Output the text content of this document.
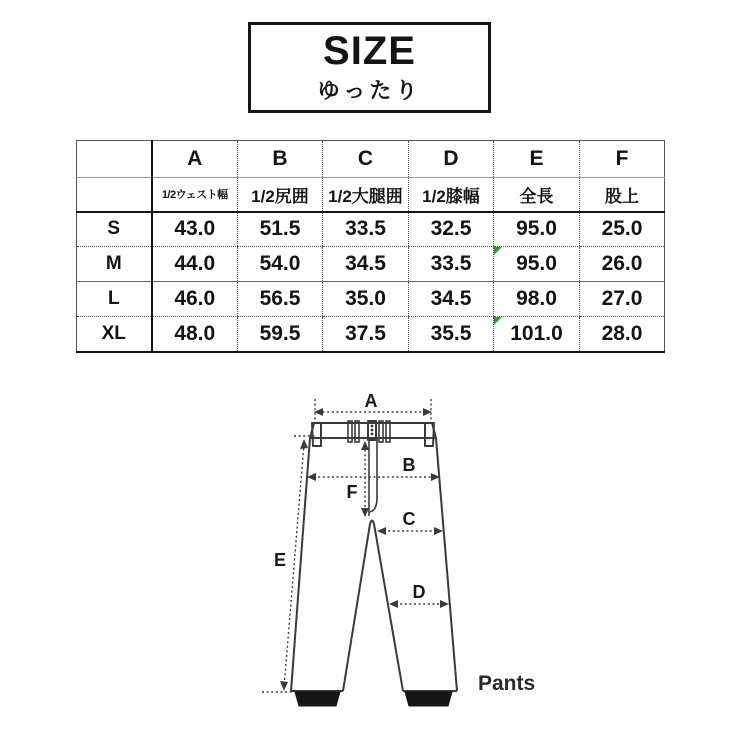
SIZE
ゆったり
	A	B	C	D	E	F
	1/2ウェスト幅	1/2尻囲	1/2大腿囲	1/2膝幅	全長	股上
S	43.0	51.5	33.5	32.5	95.0	25.0
M	44.0	54.0	34.5	33.5	95.0	26.0
L	46.0	56.5	35.0	34.5	98.0	27.0
XL	48.0	59.5	37.5	35.5	101.0	28.0
A
B
C
D
E
F
Pants
